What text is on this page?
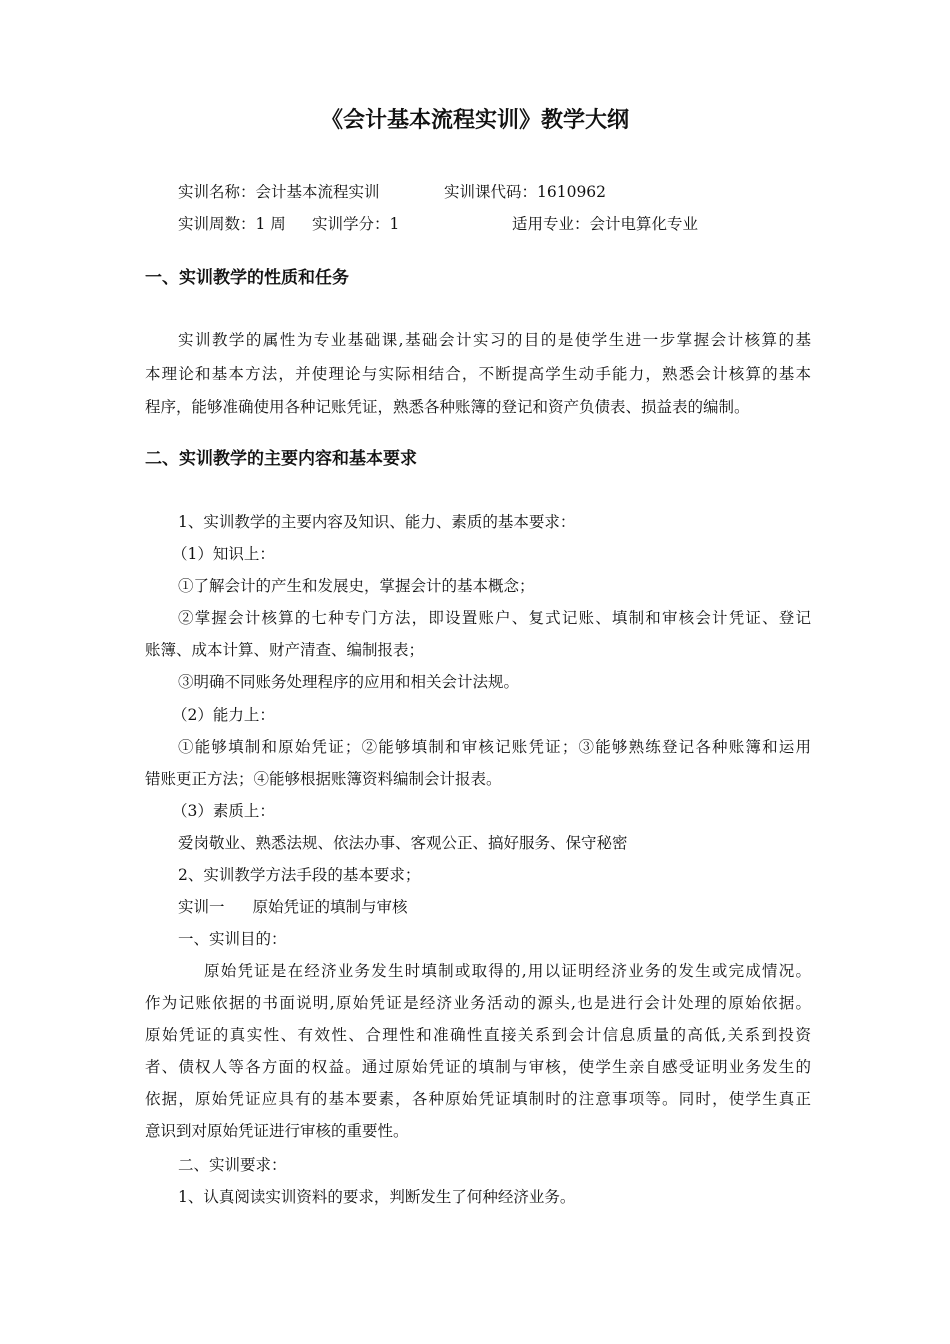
《会计基本流程实训》教学大纲
实训名称：会计基本流程实训	实训课代码：1610962
实训周数：1 周 实训学分：1	适用专业：会计电算化专业
一、实训教学的性质和任务
实训教学的属性为专业基础课,基础会计实习的目的是使学生进一步掌握会计核算的基
本理论和基本方法，并使理论与实际相结合，不断提高学生动手能力，熟悉会计核算的基本
程序，能够准确使用各种记账凭证，熟悉各种账簿的登记和资产负债表、损益表的编制。
二、实训教学的主要内容和基本要求
1、实训教学的主要内容及知识、能力、素质的基本要求：
（1）知识上：
①了解会计的产生和发展史，掌握会计的基本概念；
②掌握会计核算的七种专门方法，即设置账户、复式记账、填制和审核会计凭证、登记
账簿、成本计算、财产清查、编制报表；
③明确不同账务处理程序的应用和相关会计法规。
（2）能力上：
①能够填制和原始凭证；②能够填制和审核记账凭证；③能够熟练登记各种账簿和运用
错账更正方法；④能够根据账簿资料编制会计报表。
（3）素质上：
爱岗敬业、熟悉法规、依法办事、客观公正、搞好服务、保守秘密
2、实训教学方法手段的基本要求；
实训一 原始凭证的填制与审核
一、实训目的：
原始凭证是在经济业务发生时填制或取得的,用以证明经济业务的发生或完成情况。
作为记账依据的书面说明,原始凭证是经济业务活动的源头,也是进行会计处理的原始依据。
原始凭证的真实性、有效性、合理性和准确性直接关系到会计信息质量的高低,关系到投资
者、债权人等各方面的权益。通过原始凭证的填制与审核，使学生亲自感受证明业务发生的
依据，原始凭证应具有的基本要素，各种原始凭证填制时的注意事项等。同时，使学生真正
意识到对原始凭证进行审核的重要性。
二、实训要求：
1、认真阅读实训资料的要求，判断发生了何种经济业务。
